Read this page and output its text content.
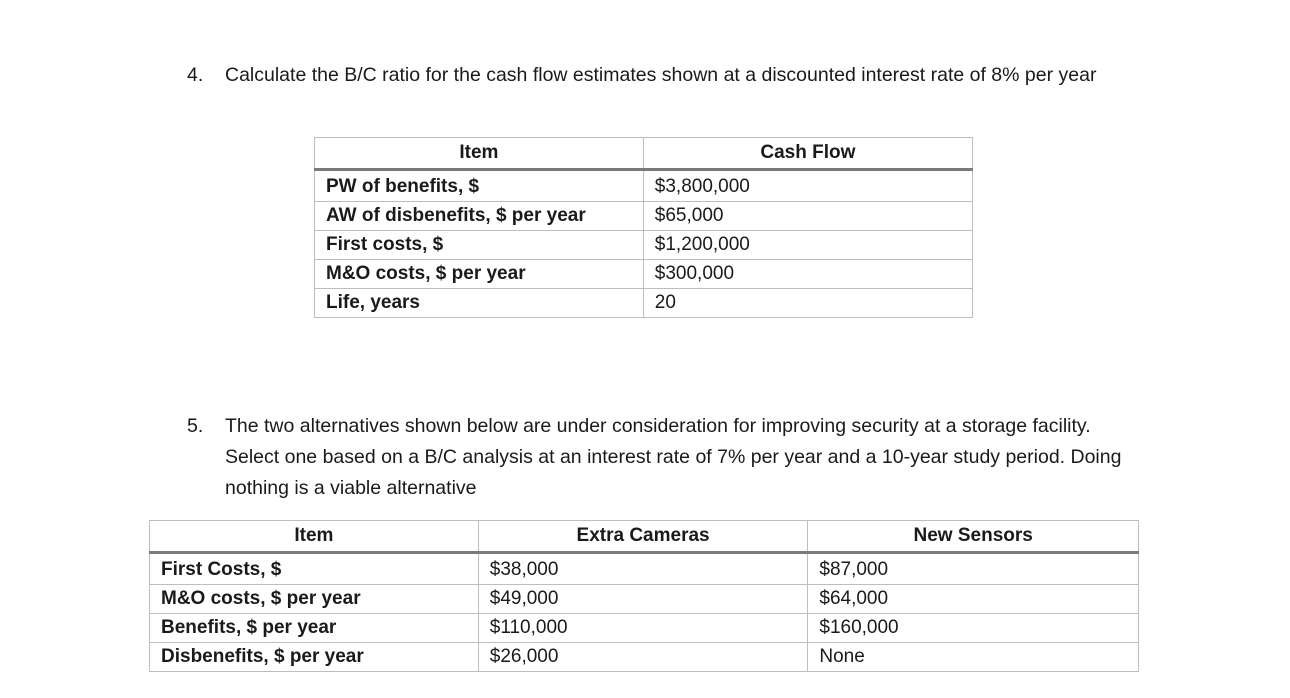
4. Calculate the B/C ratio for the cash flow estimates shown at a discounted interest rate of 8% per year
Item	Cash Flow
PW of benefits, $	$3,800,000
AW of disbenefits, $ per year	$65,000
First costs, $	$1,200,000
M&O costs, $ per year	$300,000
Life, years	20
5. The two alternatives shown below are under consideration for improving security at a storage facility. Select one based on a B/C analysis at an interest rate of 7% per year and a 10-year study period. Doing nothing is a viable alternative
Item	Extra Cameras	New Sensors
First Costs, $	$38,000	$87,000
M&O costs, $ per year	$49,000	$64,000
Benefits, $ per year	$110,000	$160,000
Disbenefits, $ per year	$26,000	None
